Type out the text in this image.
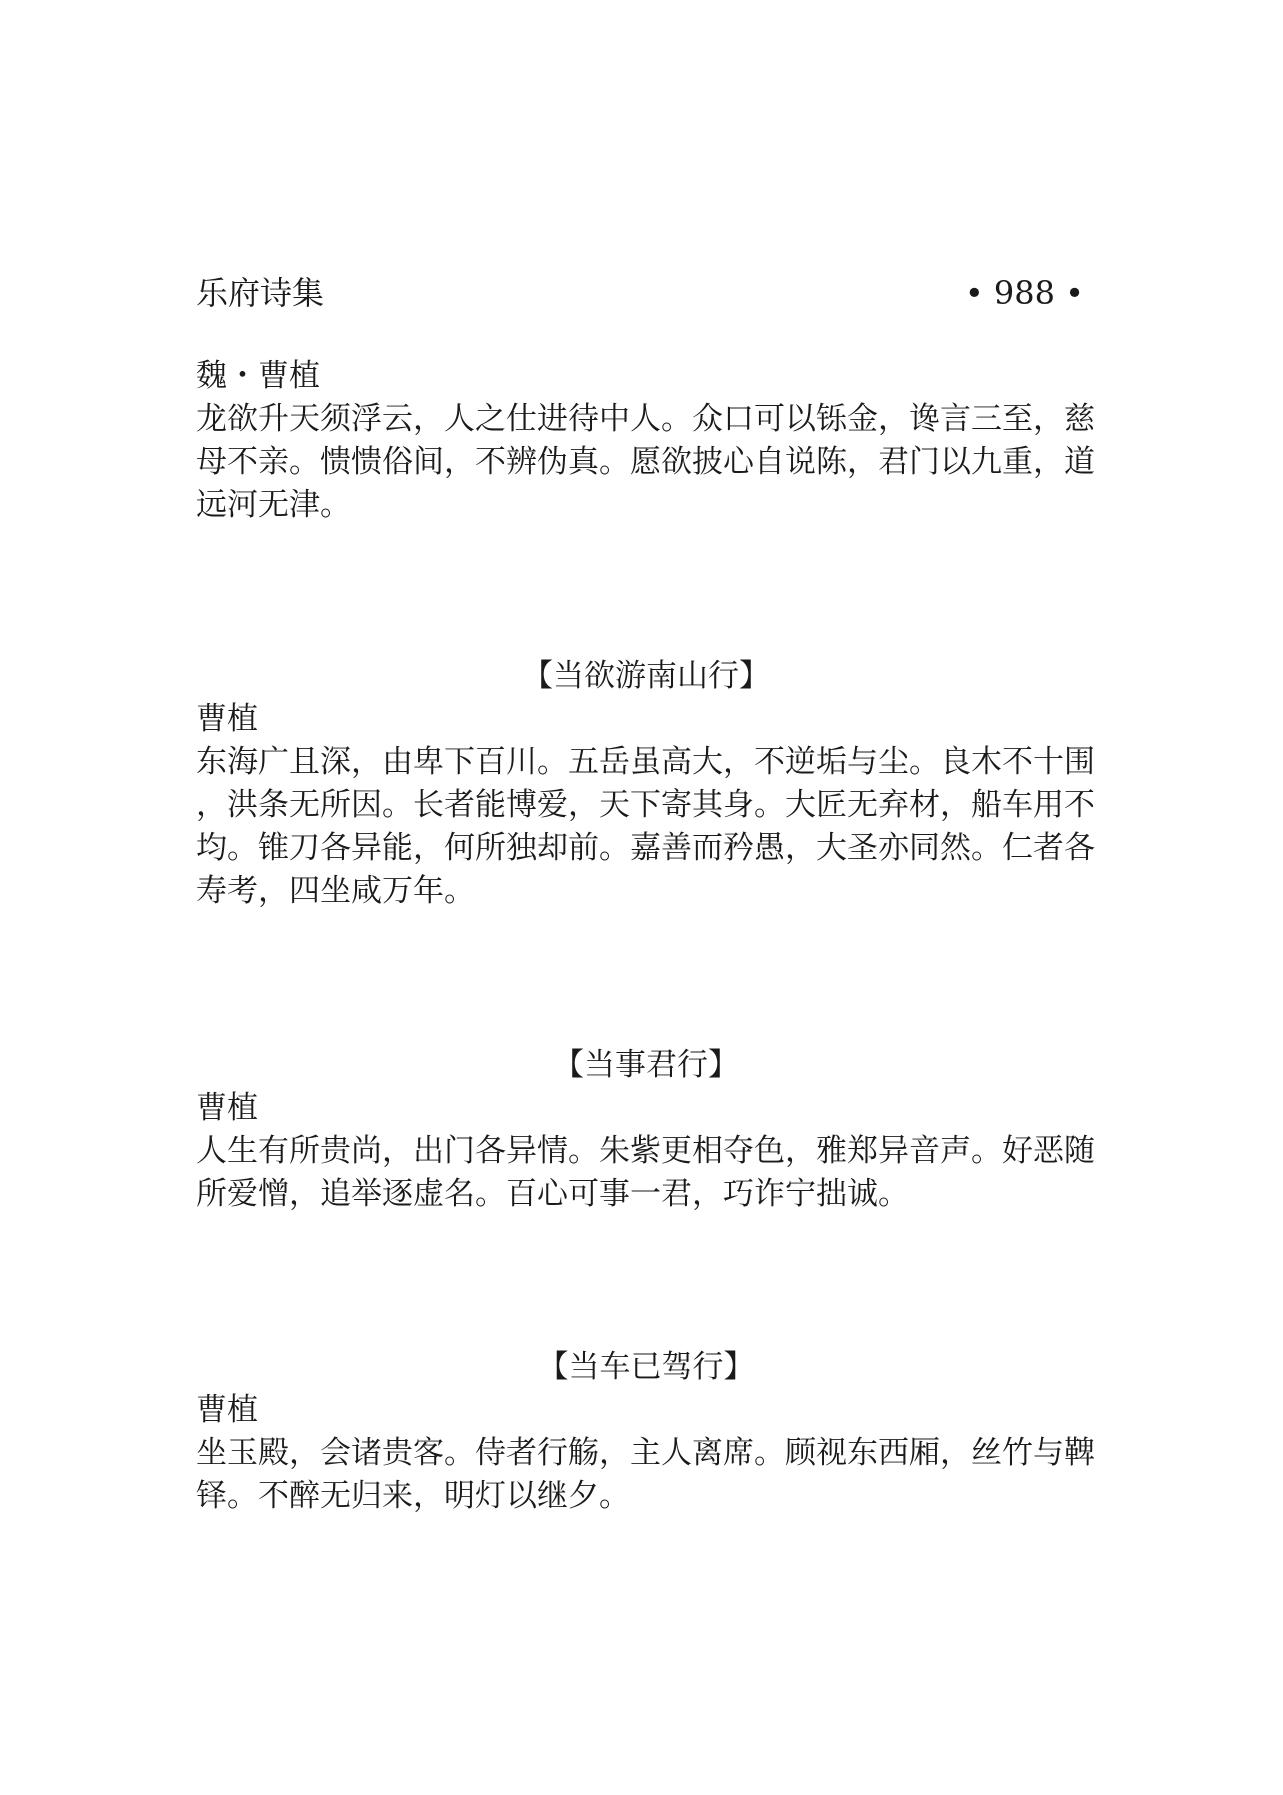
乐府诗集	• 988 •

魏・曹植

龙欲升天须浮云，人之仕进待中人。众口可以铄金，谗言三至，慈母不亲。愦愦俗间，不辨伪真。愿欲披心自说陈，君门以九重，道远河无津。

【当欲游南山行】

曹植

东海广且深，由卑下百川。五岳虽高大，不逆垢与尘。良木不十围，洪条无所因。长者能博爱，天下寄其身。大匠无弃材，船车用不均。锥刀各异能，何所独却前。嘉善而矜愚，大圣亦同然。仁者各寿考，四坐咸万年。

【当事君行】

曹植

人生有所贵尚，出门各异情。朱紫更相夺色，雅郑异音声。好恶随所爱憎，追举逐虚名。百心可事一君，巧诈宁拙诚。

【当车已驾行】

曹植

坐玉殿，会诸贵客。侍者行觞，主人离席。顾视东西厢，丝竹与鞞铎。不醉无归来，明灯以继夕。
